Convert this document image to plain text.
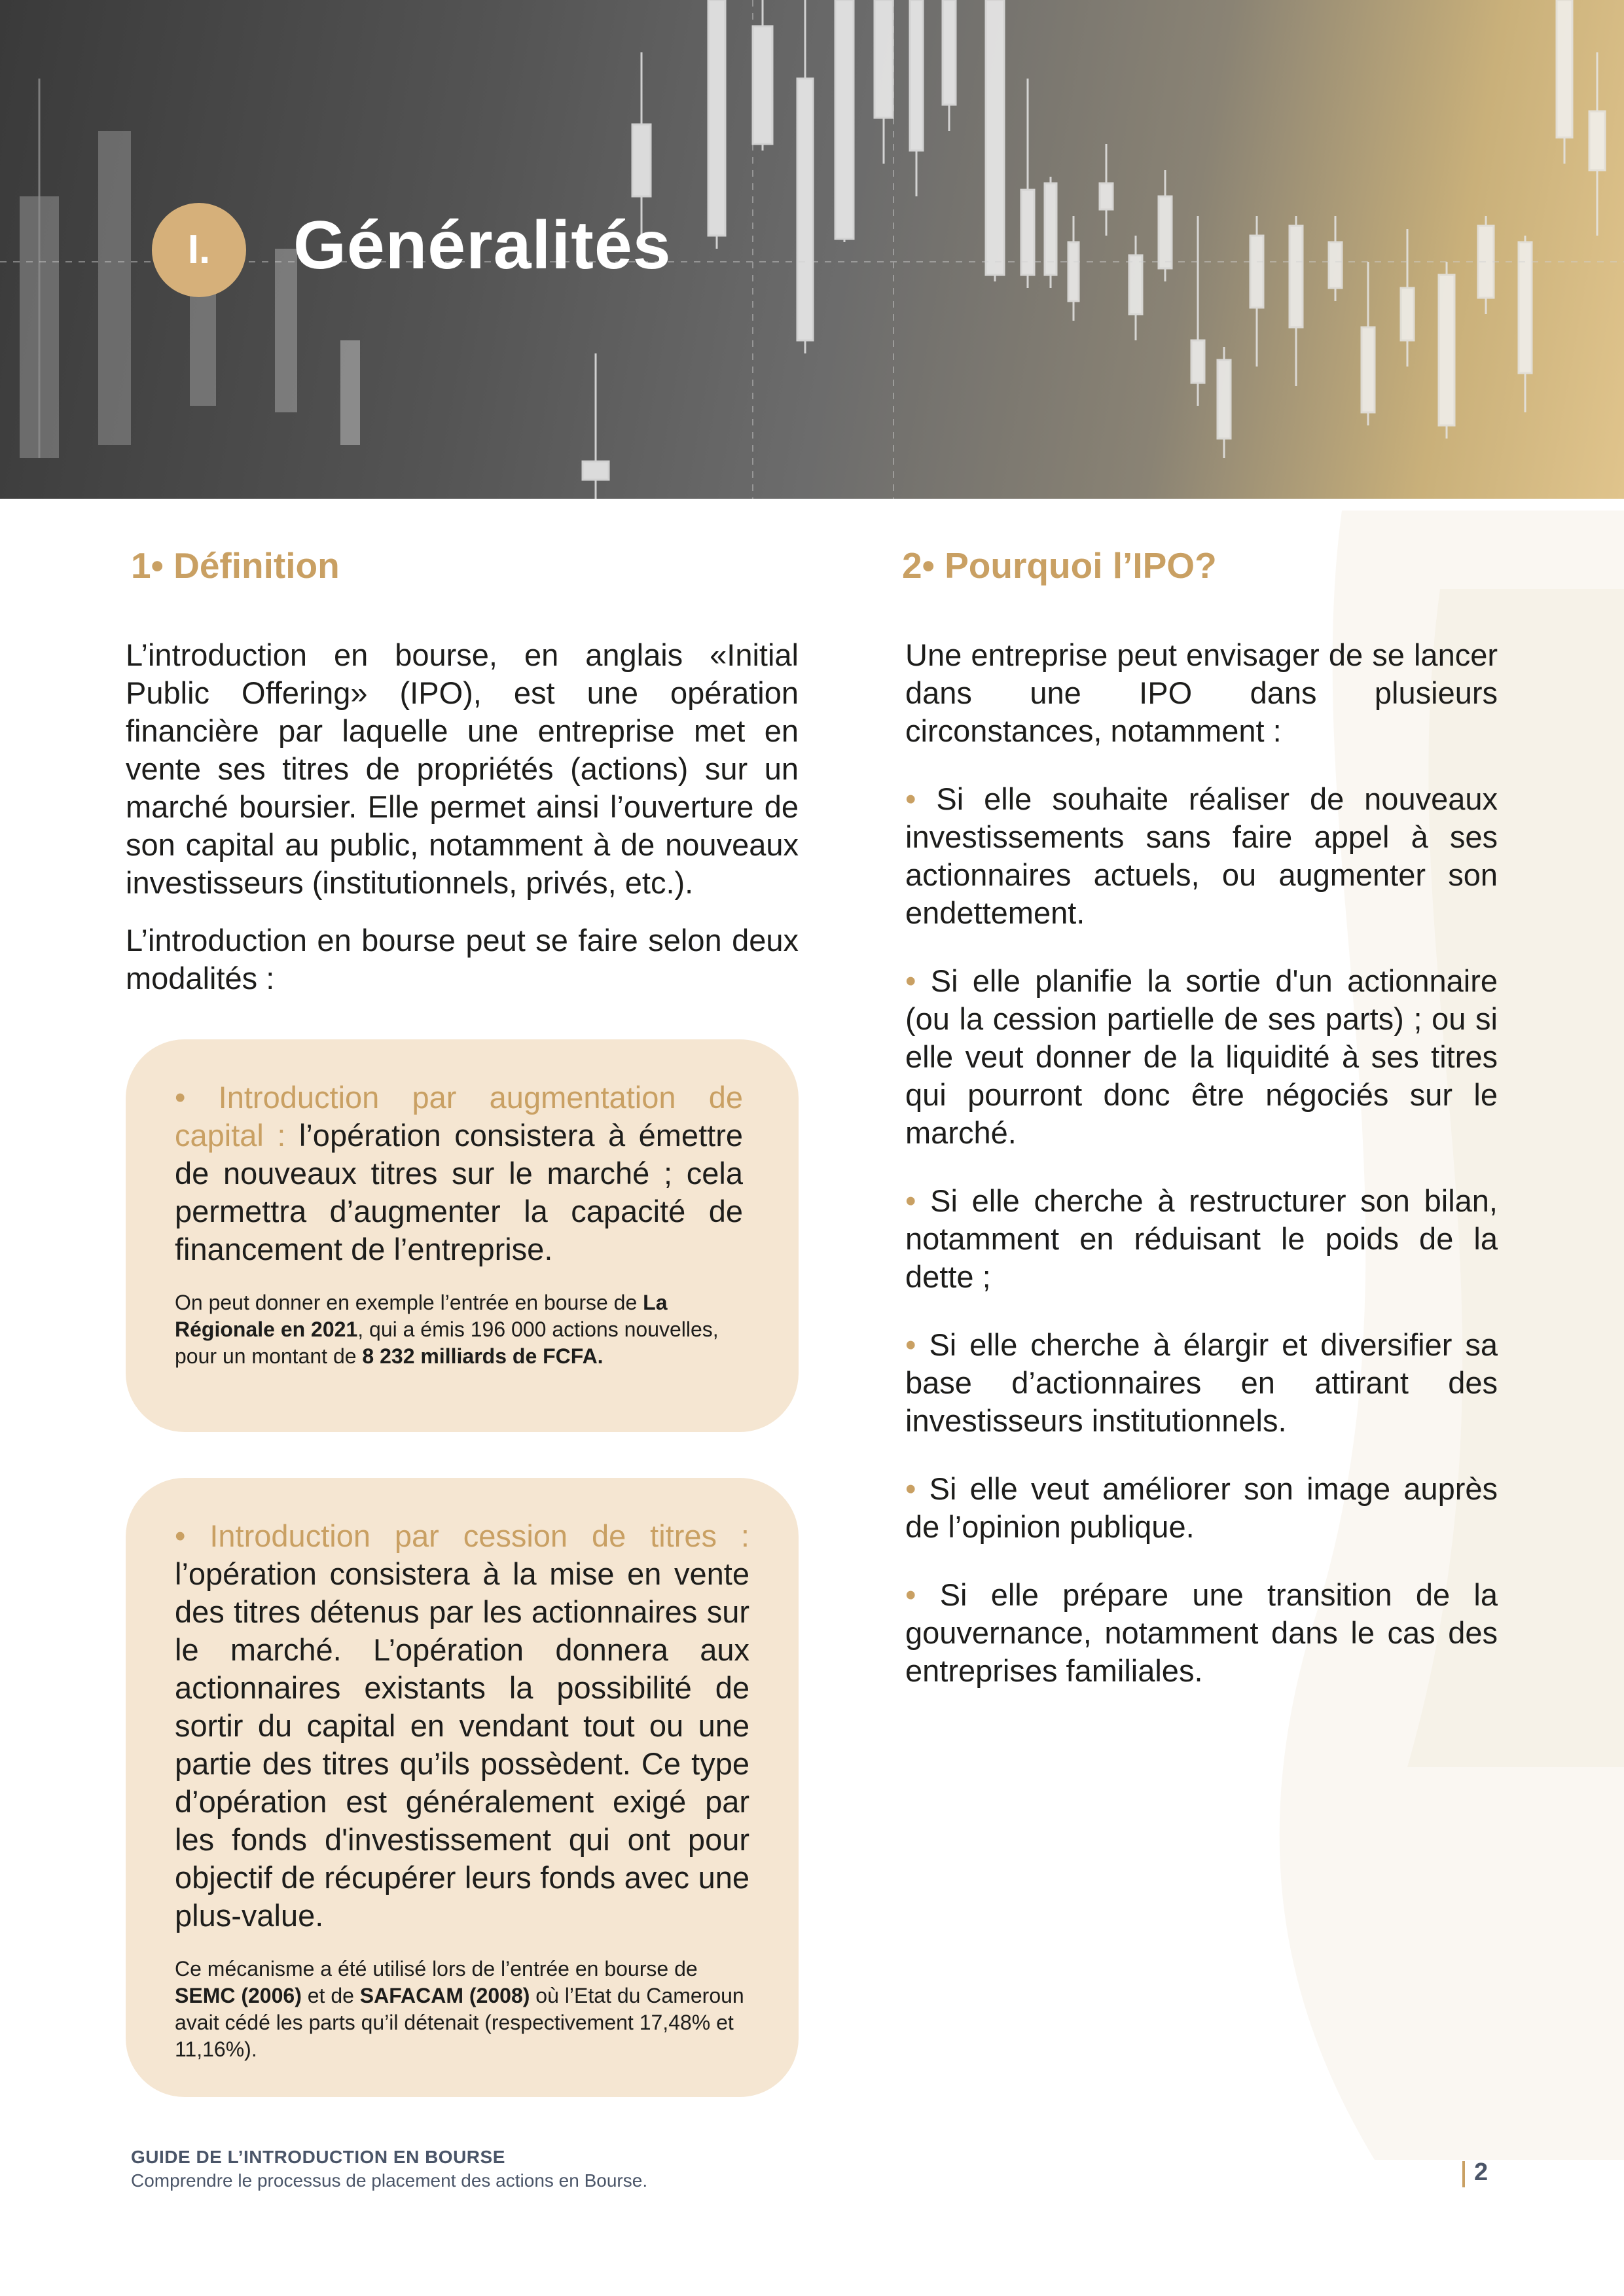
I.	Généralités
1• Définition

L’introduction en bourse, en anglais «Initial Public Offering» (IPO), est une opération financière par laquelle une entreprise met en vente ses titres de propriétés (actions) sur un marché boursier. Elle permet ainsi l’ouverture de son capital au public, notamment à de nouveaux investisseurs (institutionnels, privés, etc.).

L’introduction en bourse peut se faire selon deux modalités :

• Introduction par augmentation de capital : l’opération consistera à émettre de nouveaux titres sur le marché ; cela permettra d’augmenter la capacité de financement de l’entreprise.

On peut donner en exemple l’entrée en bourse de La Régionale en 2021, qui a émis 196 000 actions nouvelles, pour un montant de 8 232 milliards de FCFA.

• Introduction par cession de titres : l’opération consistera à la mise en vente des titres détenus par les actionnaires sur le marché. L’opération donnera aux actionnaires existants la possibilité de sortir du capital en vendant tout ou une partie des titres qu’ils possèdent. Ce type d’opération est généralement exigé par les fonds d'investissement qui ont pour objectif de récupérer leurs fonds avec une plus-value.

Ce mécanisme a été utilisé lors de l’entrée en bourse de SEMC (2006) et de SAFACAM (2008) où l’Etat du Cameroun avait cédé les parts qu’il détenait (respectivement 17,48% et 11,16%).

2• Pourquoi l’IPO?

Une entreprise peut envisager de se lancer dans une IPO dans plusieurs circonstances, notamment :

• Si elle souhaite réaliser de nouveaux investissements sans faire appel à ses actionnaires actuels, ou augmenter son endettement.

• Si elle planifie la sortie d'un actionnaire (ou la cession partielle de ses parts) ; ou si elle veut donner de la liquidité à ses titres qui pourront donc être négociés sur le marché.

• Si elle cherche à restructurer son bilan, notamment en réduisant le poids de la dette ;

• Si elle cherche à élargir et diversifier sa base d’actionnaires en attirant des investisseurs institutionnels.

• Si elle veut améliorer son image auprès de l’opinion publique.

• Si elle prépare une transition de la gouvernance, notamment dans le cas des entreprises familiales.

GUIDE DE L’INTRODUCTION EN BOURSE
Comprendre le processus de placement des actions en Bourse.	2
